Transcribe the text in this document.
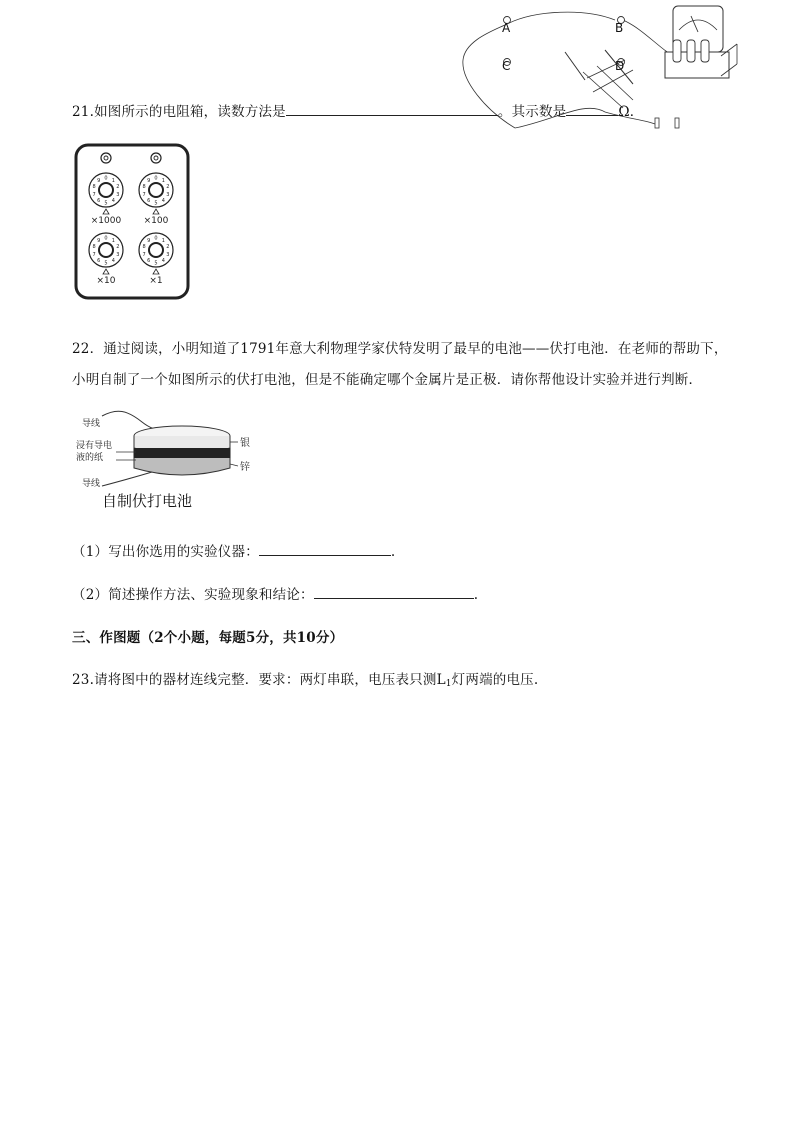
A	B
C	D
21.如图所示的电阻箱，读数方法是	。其示数是	Ω．
0 1
2
3
4
5
6
7
8
9
×1000
0 1
2
3
4
5
6
7
8
9
×100
0 1
2
3
4
5
6
7
8
9
×10
0 1
2
3
4
5
6
7
8
9
×1
22．通过阅读，小明知道了1791年意大利物理学家伏特发明了最早的电池——伏打电池．在老师的帮助下，
小明自制了一个如图所示的伏打电池，但是不能确定哪个金属片是正极．请你帮他设计实验并进行判断．
导线
浸有导电
液的纸
导线
银
锌
自制伏打电池
（1）写出你选用的实验仪器：	.
（2）简述操作方法、实验现象和结论：	.
三、作图题（2个小题，每题5分，共10分）
23.请将图中的器材连线完整．要求：两灯串联，电压表只测$L_1$灯两端的电压.
